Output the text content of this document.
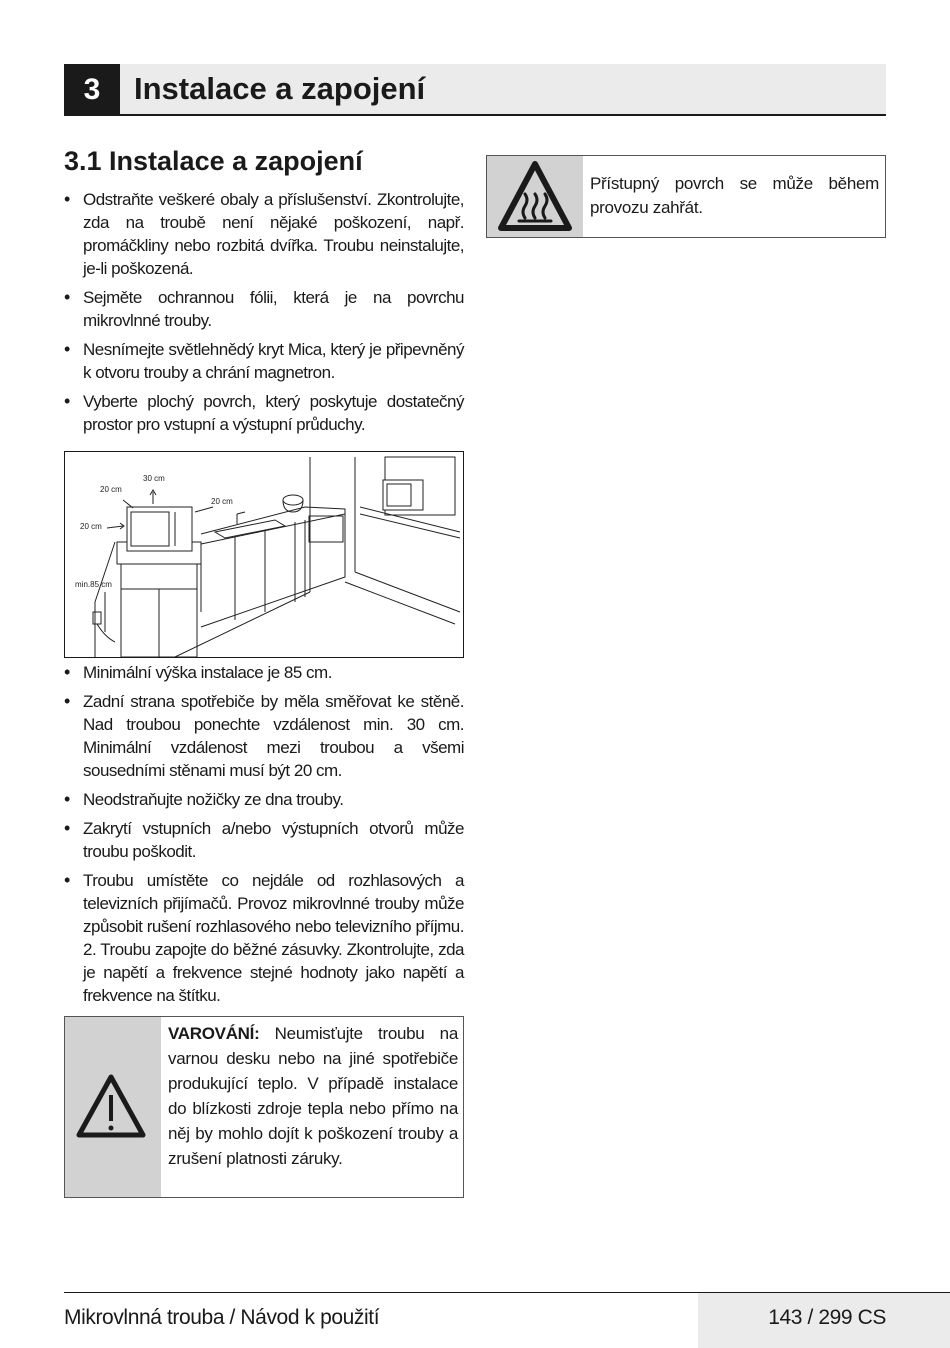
3	Instalace a zapojení
3.1 Instalace a zapojení
• Odstraňte veškeré obaly a příslušenství. Zkontrolujte, zda na troubě není nějaké poškození, např. promáčkliny nebo rozbitá dvířka. Troubu neinstalujte, je-li poškozená.
• Sejměte ochrannou fólii, která je na povrchu mikrovlnné trouby.
• Nesnímejte světlehnědý kryt Mica, který je připevněný k otvoru trouby a chrání magnetron.
• Vyberte plochý povrch, který poskytuje dostatečný prostor pro vstupní a výstupní průduchy.
30 cm
20 cm
20 cm
20 cm
min.85 cm
• Minimální výška instalace je 85 cm.
• Zadní strana spotřebiče by měla směřovat ke stěně. Nad troubou ponechte vzdálenost min. 30 cm. Minimální vzdálenost mezi troubou a všemi sousedními stěnami musí být 20 cm.
• Neodstraňujte nožičky ze dna trouby.
• Zakrytí vstupních a/nebo výstupních otvorů může troubu poškodit.
• Troubu umístěte co nejdále od rozhlasových a televizních přijímačů. Provoz mikrovlnné trouby může způsobit rušení rozhlasového nebo televizního příjmu. 2. Troubu zapojte do běžné zásuvky. Zkontrolujte, zda je napětí a frekvence stejné hodnoty jako napětí a frekvence na štítku.
Přístupný povrch se může během provozu zahřát.
VAROVÁNÍ: Neumisťujte troubu na varnou desku nebo na jiné spotřebiče produkující teplo. V případě instalace do blízkosti zdroje tepla nebo přímo na něj by mohlo dojít k poškození trouby a zrušení platnosti záruky.
Mikrovlnná trouba / Návod k použití	143 / 299 CS
